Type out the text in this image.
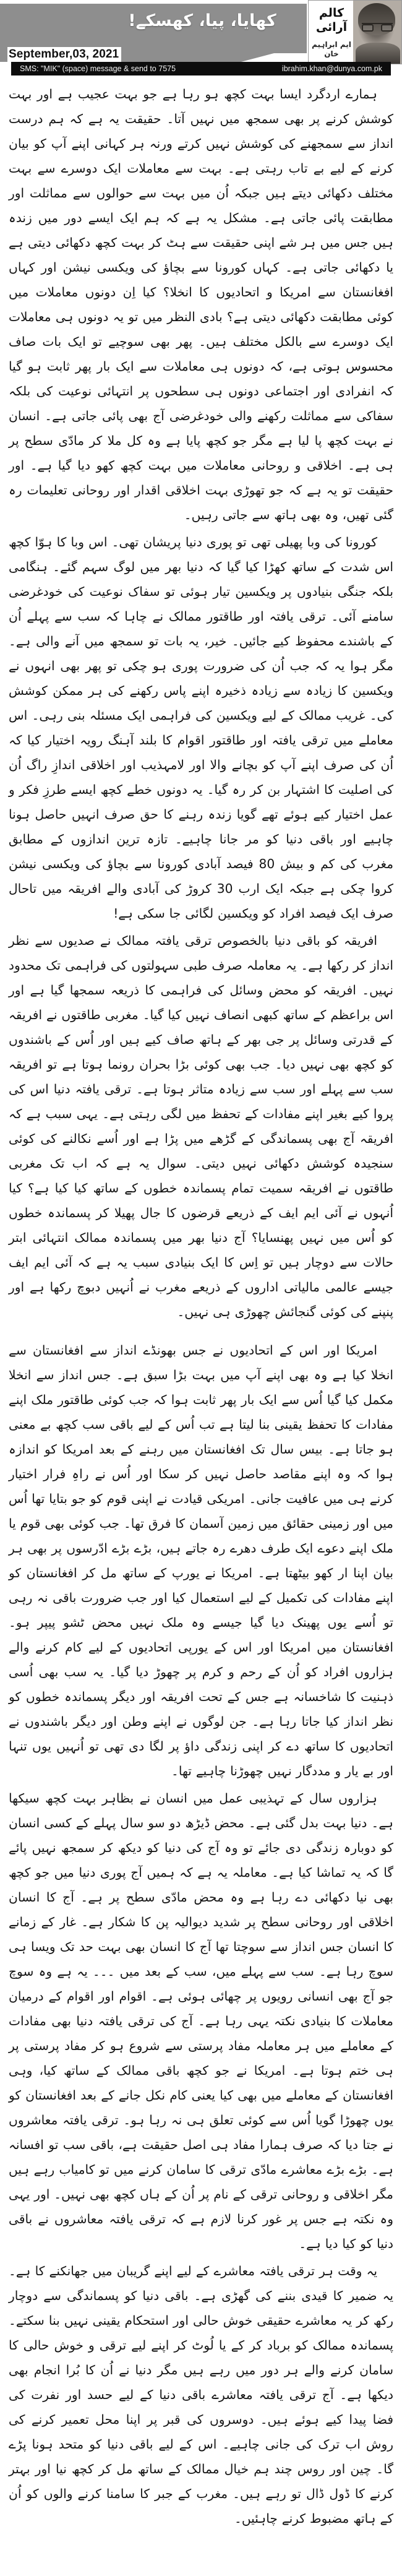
کھایا، پیا، کھسکے!
September,03, 2021
کالم آرائی
ایم ابراہیم خان
SMS: "MIK" (space) message & send to 7575	ibrahim.khan@dunya.com.pk

ہمارے اردگرد ایسا بہت کچھ ہو رہا ہے جو بہت عجیب ہے اور بہت کوشش کرنے پر بھی سمجھ میں نہیں آتا۔ حقیقت یہ ہے کہ ہم درست انداز سے سمجھنے کی کوشش نہیں کرتے ورنہ ہر کہانی اپنے آپ کو بیان کرنے کے لیے بے تاب رہتی ہے۔ بہت سے معاملات ایک دوسرے سے بہت مختلف دکھائی دیتے ہیں جبکہ اُن میں بہت سے حوالوں سے مماثلت اور مطابقت پائی جاتی ہے۔ مشکل یہ ہے کہ ہم ایک ایسے دور میں زندہ ہیں جس میں ہر شے اپنی حقیقت سے ہٹ کر بہت کچھ دکھائی دیتی ہے یا دکھائی جاتی ہے۔ کہاں کورونا سے بچاؤ کی ویکسی نیشن اور کہاں افغانستان سے امریکا و اتحادیوں کا انخلا؟ کیا اِن دونوں معاملات میں کوئی مطابقت دکھائی دیتی ہے؟ بادی النظر میں تو یہ دونوں ہی معاملات ایک دوسرے سے بالکل مختلف ہیں۔ پھر بھی سوچیے تو ایک بات صاف محسوس ہوتی ہے، کہ دونوں ہی معاملات سے ایک بار پھر ثابت ہو گیا کہ انفرادی اور اجتماعی دونوں ہی سطحوں پر انتہائی نوعیت کی بلکہ سفاکی سے مماثلت رکھنے والی خودغرضی آج بھی پائی جاتی ہے۔ انسان نے بہت کچھ پا لیا ہے مگر جو کچھ پایا ہے وہ کل ملا کر مادّی سطح پر ہی ہے۔ اخلاقی و روحانی معاملات میں بہت کچھ کھو دیا گیا ہے۔ اور حقیقت تو یہ ہے کہ جو تھوڑی بہت اخلاقی اقدار اور روحانی تعلیمات رہ گئی تھیں، وہ بھی ہاتھ سے جاتی رہیں۔

کورونا کی وبا پھیلی تھی تو پوری دنیا پریشان تھی۔ اس وبا کا ہوّا کچھ اس شدت کے ساتھ کھڑا کیا گیا کہ دنیا بھر میں لوگ سہم گئے۔ ہنگامی بلکہ جنگی بنیادوں پر ویکسین تیار ہوئی تو سفاک نوعیت کی خودغرضی سامنے آئی۔ ترقی یافتہ اور طاقتور ممالک نے چاہا کہ سب سے پہلے اُن کے باشندے محفوظ کیے جائیں۔ خیر، یہ بات تو سمجھ میں آنے والی ہے۔ مگر ہوا یہ کہ جب اُن کی ضرورت پوری ہو چکی تو پھر بھی انہوں نے ویکسین کا زیادہ سے زیادہ ذخیرہ اپنے پاس رکھنے کی ہر ممکن کوشش کی۔ غریب ممالک کے لیے ویکسین کی فراہمی ایک مسئلہ بنی رہی۔ اس معاملے میں ترقی یافتہ اور طاقتور اقوام کا بلند آہنگ رویہ اختیار کیا کہ اُن کی صرف اپنے آپ کو بچانے والا اور لامہذیب اور اخلاقی اندازِ راگ اُن کی اصلیت کا اشتہار بن کر رہ گیا۔ یہ دونوں خطے کچھ ایسے طرزِ فکر و عمل اختیار کیے ہوئے تھے گویا زندہ رہنے کا حق صرف انہیں حاصل ہونا چاہیے اور باقی دنیا کو مر جانا چاہیے۔ تازہ ترین اندازوں کے مطابق مغرب کی کم و بیش 80 فیصد آبادی کورونا سے بچاؤ کی ویکسی نیشن کروا چکی ہے جبکہ ایک ارب 30 کروڑ کی آبادی والے افریقہ میں تاحال صرف ایک فیصد افراد کو ویکسین لگائی جا سکی ہے!

افریقہ کو باقی دنیا بالخصوص ترقی یافتہ ممالک نے صدیوں سے نظر انداز کر رکھا ہے۔ یہ معاملہ صرف طبی سہولتوں کی فراہمی تک محدود نہیں۔ افریقہ کو محض وسائل کی فراہمی کا ذریعہ سمجھا گیا ہے اور اس براعظم کے ساتھ کبھی انصاف نہیں کیا گیا۔ مغربی طاقتوں نے افریقہ کے قدرتی وسائل پر جی بھر کے ہاتھ صاف کیے ہیں اور اُس کے باشندوں کو کچھ بھی نہیں دیا۔ جب بھی کوئی بڑا بحران رونما ہوتا ہے تو افریقہ سب سے پہلے اور سب سے زیادہ متاثر ہوتا ہے۔ ترقی یافتہ دنیا اس کی پروا کیے بغیر اپنے مفادات کے تحفظ میں لگی رہتی ہے۔ یہی سبب ہے کہ افریقہ آج بھی پسماندگی کے گڑھے میں پڑا ہے اور اُسے نکالنے کی کوئی سنجیدہ کوشش دکھائی نہیں دیتی۔ سوال یہ ہے کہ اب تک مغربی طاقتوں نے افریقہ سمیت تمام پسماندہ خطوں کے ساتھ کیا کیا ہے؟ کیا اُنہوں نے آئی ایم ایف کے ذریعے قرضوں کا جال پھیلا کر پسماندہ خطوں کو اُس میں نہیں پھنسایا؟ آج دنیا بھر میں پسماندہ ممالک انتہائی ابتر حالات سے دوچار ہیں تو اِس کا ایک بنیادی سبب یہ ہے کہ آئی ایم ایف جیسے عالمی مالیاتی اداروں کے ذریعے مغرب نے اُنہیں دبوچ رکھا ہے اور پنپنے کی کوئی گنجائش چھوڑی ہی نہیں۔

امریکا اور اس کے اتحادیوں نے جس بھونڈے انداز سے افغانستان سے انخلا کیا ہے وہ بھی اپنے آپ میں بہت بڑا سبق ہے۔ جس انداز سے انخلا مکمل کیا گیا اُس سے ایک بار پھر ثابت ہوا کہ جب کوئی طاقتور ملک اپنے مفادات کا تحفظ یقینی بنا لیتا ہے تب اُس کے لیے باقی سب کچھ بے معنی ہو جاتا ہے۔ بیس سال تک افغانستان میں رہنے کے بعد امریکا کو اندازہ ہوا کہ وہ اپنے مقاصد حاصل نہیں کر سکا اور اُس نے راہِ فرار اختیار کرنے ہی میں عافیت جانی۔ امریکی قیادت نے اپنی قوم کو جو بتایا تھا اُس میں اور زمینی حقائق میں زمین آسمان کا فرق تھا۔ جب کوئی بھی قوم یا ملک اپنے دعوے ایک طرف دھرے رہ جاتے ہیں، بڑے بڑے ادّرسوں پر بھی ہر بیان اپنا ار کھو بیٹھتا ہے۔ امریکا نے یورپ کے ساتھ مل کر افغانستان کو اپنے مفادات کی تکمیل کے لیے استعمال کیا اور جب ضرورت باقی نہ رہی تو اُسے یوں پھینک دیا گیا جیسے وہ ملک نہیں محض ٹشو پیپر ہو۔ افغانستان میں امریکا اور اس کے یورپی اتحادیوں کے لیے کام کرنے والے ہزاروں افراد کو اُن کے رحم و کرم پر چھوڑ دیا گیا۔ یہ سب بھی اُسی ذہنیت کا شاخسانہ ہے جس کے تحت افریقہ اور دیگر پسماندہ خطوں کو نظر انداز کیا جاتا رہا ہے۔ جن لوگوں نے اپنے وطن اور دیگر باشندوں نے اتحادیوں کا ساتھ دے کر اپنی زندگی داؤ پر لگا دی تھی تو اُنہیں یوں تنہا اور بے یار و مددگار نہیں چھوڑنا چاہیے تھا۔

ہزاروں سال کے تہذیبی عمل میں انسان نے بظاہر بہت کچھ سیکھا ہے۔ دنیا بہت بدل گئی ہے۔ محض ڈیڑھ دو سو سال پہلے کے کسی انسان کو دوبارہ زندگی دی جائے تو وہ آج کی دنیا کو دیکھ کر سمجھ نہیں پائے گا کہ یہ تماشا کیا ہے۔ معاملہ یہ ہے کہ ہمیں آج پوری دنیا میں جو کچھ بھی نیا دکھائی دے رہا ہے وہ محض مادّی سطح پر ہے۔ آج کا انسان اخلاقی اور روحانی سطح پر شدید دیوالیہ پن کا شکار ہے۔ غار کے زمانے کا انسان جس انداز سے سوچتا تھا آج کا انسان بھی بہت حد تک ویسا ہی سوچ رہا ہے۔ سب سے پہلے میں، سب کے بعد میں ۔۔۔ یہ ہے وہ سوچ جو آج بھی انسانی رویوں پر چھائی ہوئی ہے۔ اقوام اور اقوام کے درمیان معاملات کا بنیادی نکتہ یہی رہا ہے۔ آج کی ترقی یافتہ دنیا بھی مفادات کے معاملے میں ہر معاملہ مفاد پرستی سے شروع ہو کر مفاد پرستی پر ہی ختم ہوتا ہے۔ امریکا نے جو کچھ باقی ممالک کے ساتھ کیا، وہی افغانستان کے معاملے میں بھی کیا یعنی کام نکل جانے کے بعد افغانستان کو یوں چھوڑا گویا اُس سے کوئی تعلق ہی نہ رہا ہو۔ ترقی یافتہ معاشروں نے جتا دیا کہ صرف ہمارا مفاد ہی اصل حقیقت ہے، باقی سب تو افسانہ ہے۔ بڑے بڑے معاشرے مادّی ترقی کا سامان کرنے میں تو کامیاب رہے ہیں مگر اخلاقی و روحانی ترقی کے نام پر اُن کے ہاں کچھ بھی نہیں۔ اور یہی وہ نکتہ ہے جس پر غور کرنا لازم ہے کہ ترقی یافتہ معاشروں نے باقی دنیا کو کیا دیا ہے۔

یہ وقت ہر ترقی یافتہ معاشرے کے لیے اپنے گریبان میں جھانکنے کا ہے۔ یہ ضمیر کا قیدی بننے کی گھڑی ہے۔ باقی دنیا کو پسماندگی سے دوچار رکھ کر یہ معاشرے حقیقی خوش حالی اور استحکام یقینی نہیں بنا سکتے۔ پسماندہ ممالک کو برباد کر کے یا لُوٹ کر اپنے لیے ترقی و خوش حالی کا سامان کرنے والے ہر دور میں رہے ہیں مگر دنیا نے اُن کا بُرا انجام بھی دیکھا ہے۔ آج ترقی یافتہ معاشرے باقی دنیا کے لیے حسد اور نفرت کی فضا پیدا کیے ہوئے ہیں۔ دوسروں کی قبر پر اپنا محل تعمیر کرنے کی روش اب ترک کی جانی چاہیے۔ اس کے لیے باقی دنیا کو متحد ہونا پڑے گا۔ چین اور روس چند ہم خیال ممالک کے ساتھ مل کر کچھ نیا اور بہتر کرنے کا ڈول ڈال تو رہے ہیں۔ مغرب کے جبر کا سامنا کرنے والوں کو اُن کے ہاتھ مضبوط کرنے چاہئیں۔
